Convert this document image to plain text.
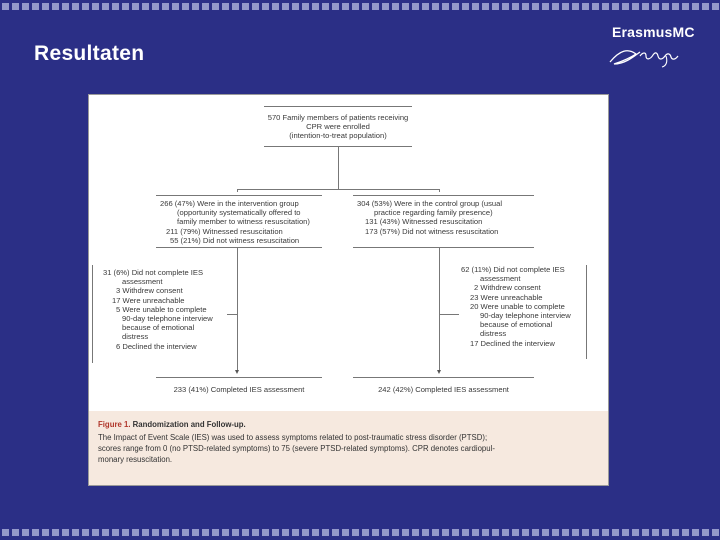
Resultaten
ErasmusMC
570 Family members of patients receiving
CPR were enrolled
(intention-to-treat population)
266 (47%) Were in the intervention group
(opportunity systematically offered to
family member to witness resuscitation)
211 (79%) Witnessed resuscitation
55 (21%) Did not witness resuscitation
304 (53%) Were in the control group (usual
practice regarding family presence)
131 (43%) Witnessed resuscitation
173 (57%) Did not witness resuscitation
31 (6%) Did not complete IES
assessment
3 Withdrew consent
17 Were unreachable
5 Were unable to complete
90-day telephone interview
because of emotional
distress
6 Declined the interview
62 (11%) Did not complete IES
assessment
2 Withdrew consent
23 Were unreachable
20 Were unable to complete
90-day telephone interview
because of emotional
distress
17 Declined the interview
233 (41%) Completed IES assessment	242 (42%) Completed IES assessment
Figure 1. Randomization and Follow-up.
The Impact of Event Scale (IES) was used to assess symptoms related to post-traumatic stress disorder (PTSD);
scores range from 0 (no PTSD-related symptoms) to 75 (severe PTSD-related symptoms). CPR denotes cardiopul-
monary resuscitation.
